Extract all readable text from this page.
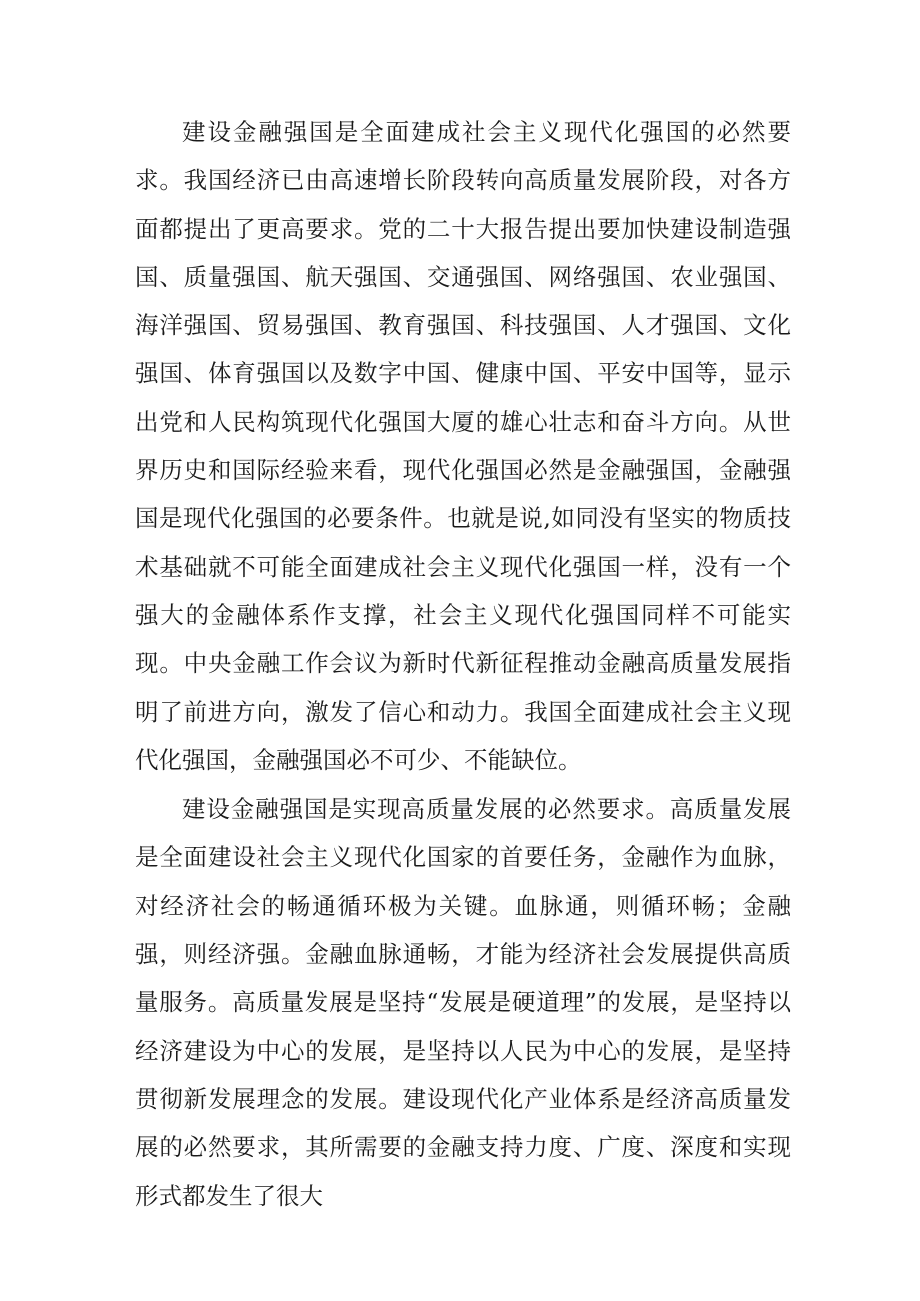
建设金融强国是全面建成社会主义现代化强国的必然要求。我国经济已由高速增长阶段转向高质量发展阶段，对各方面都提出了更高要求。党的二十大报告提出要加快建设制造强国、质量强国、航天强国、交通强国、网络强国、农业强国、海洋强国、贸易强国、教育强国、科技强国、人才强国、文化强国、体育强国以及数字中国、健康中国、平安中国等，显示出党和人民构筑现代化强国大厦的雄心壮志和奋斗方向。从世界历史和国际经验来看，现代化强国必然是金融强国，金融强国是现代化强国的必要条件。也就是说,如同没有坚实的物质技术基础就不可能全面建成社会主义现代化强国一样，没有一个强大的金融体系作支撑，社会主义现代化强国同样不可能实现。中央金融工作会议为新时代新征程推动金融高质量发展指明了前进方向，激发了信心和动力。我国全面建成社会主义现代化强国，金融强国必不可少、不能缺位。

建设金融强国是实现高质量发展的必然要求。高质量发展是全面建设社会主义现代化国家的首要任务，金融作为血脉，对经济社会的畅通循环极为关键。血脉通，则循环畅；金融强，则经济强。金融血脉通畅，才能为经济社会发展提供高质量服务。高质量发展是坚持“发展是硬道理”的发展，是坚持以经济建设为中心的发展，是坚持以人民为中心的发展，是坚持贯彻新发展理念的发展。建设现代化产业体系是经济高质量发展的必然要求，其所需要的金融支持力度、广度、深度和实现形式都发生了很大
